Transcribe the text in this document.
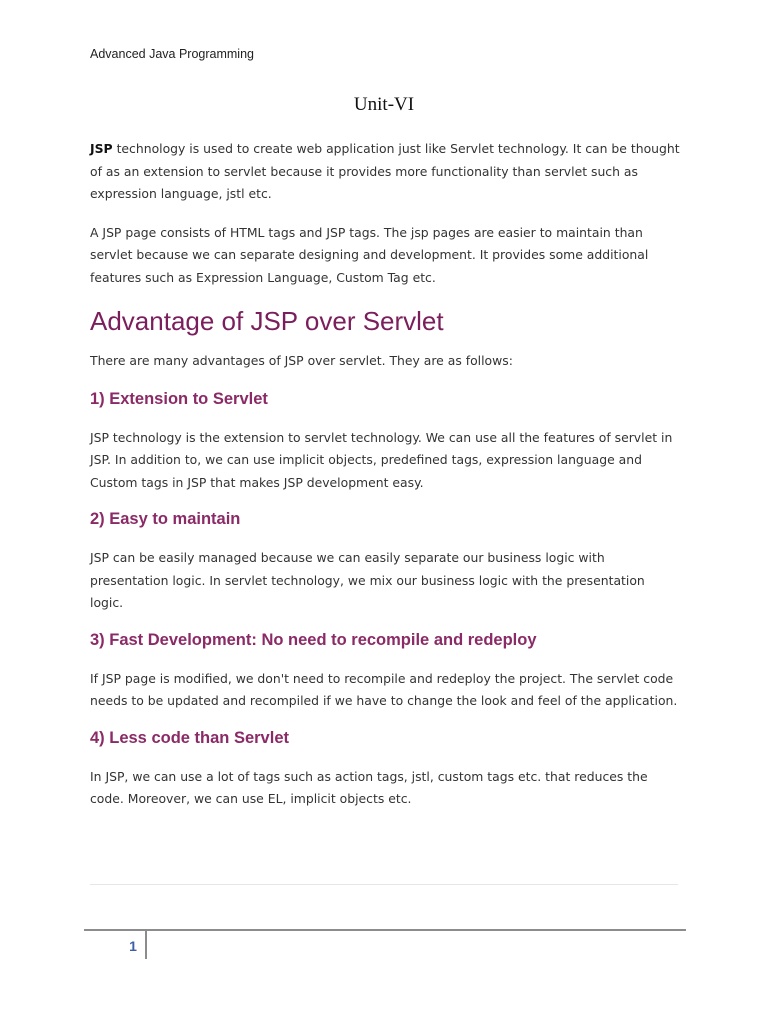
Advanced Java Programming
Unit-VI

JSP technology is used to create web application just like Servlet technology. It can be thought of as an extension to servlet because it provides more functionality than servlet such as expression language, jstl etc.

A JSP page consists of HTML tags and JSP tags. The jsp pages are easier to maintain than servlet because we can separate designing and development. It provides some additional features such as Expression Language, Custom Tag etc.

Advantage of JSP over Servlet

There are many advantages of JSP over servlet. They are as follows:

1) Extension to Servlet

JSP technology is the extension to servlet technology. We can use all the features of servlet in JSP. In addition to, we can use implicit objects, predefined tags, expression language and Custom tags in JSP that makes JSP development easy.

2) Easy to maintain

JSP can be easily managed because we can easily separate our business logic with presentation logic. In servlet technology, we mix our business logic with the presentation logic.

3) Fast Development: No need to recompile and redeploy

If JSP page is modified, we don't need to recompile and redeploy the project. The servlet code needs to be updated and recompiled if we have to change the look and feel of the application.

4) Less code than Servlet

In JSP, we can use a lot of tags such as action tags, jstl, custom tags etc. that reduces the code. Moreover, we can use EL, implicit objects etc.

1
